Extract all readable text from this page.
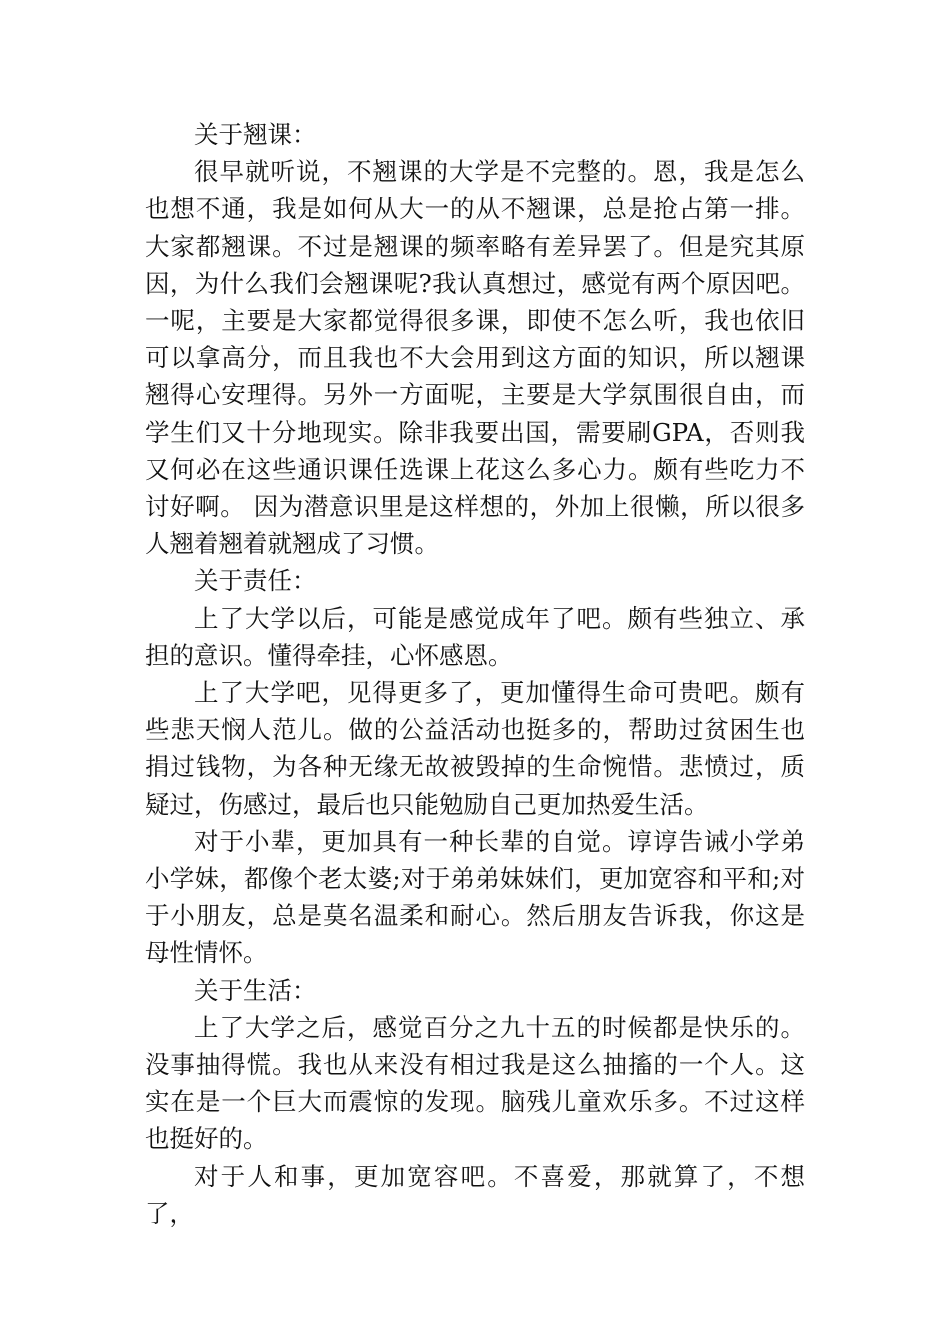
关于翘课：

很早就听说，不翘课的大学是不完整的。恩，我是怎么也想不通，我是如何从大一的从不翘课，总是抢占第一排。大家都翘课。不过是翘课的频率略有差异罢了。但是究其原因，为什么我们会翘课呢?我认真想过，感觉有两个原因吧。一呢，主要是大家都觉得很多课，即使不怎么听，我也依旧可以拿高分，而且我也不大会用到这方面的知识，所以翘课翘得心安理得。另外一方面呢，主要是大学氛围很自由，而学生们又十分地现实。除非我要出国，需要刷GPA，否则我又何必在这些通识课任选课上花这么多心力。颇有些吃力不讨好啊。 因为潜意识里是这样想的，外加上很懒，所以很多人翘着翘着就翘成了习惯。

关于责任：

上了大学以后，可能是感觉成年了吧。颇有些独立、承担的意识。懂得牵挂，心怀感恩。

上了大学吧，见得更多了，更加懂得生命可贵吧。颇有些悲天悯人范儿。做的公益活动也挺多的，帮助过贫困生也捐过钱物，为各种无缘无故被毁掉的生命惋惜。悲愤过，质疑过，伤感过，最后也只能勉励自己更加热爱生活。

对于小辈，更加具有一种长辈的自觉。谆谆告诫小学弟小学妹，都像个老太婆;对于弟弟妹妹们，更加宽容和平和;对于小朋友，总是莫名温柔和耐心。然后朋友告诉我，你这是母性情怀。

关于生活：

上了大学之后，感觉百分之九十五的时候都是快乐的。没事抽得慌。我也从来没有相过我是这么抽搐的一个人。这实在是一个巨大而震惊的发现。脑残儿童欢乐多。不过这样也挺好的。

对于人和事，更加宽容吧。不喜爱，那就算了，不想了，
